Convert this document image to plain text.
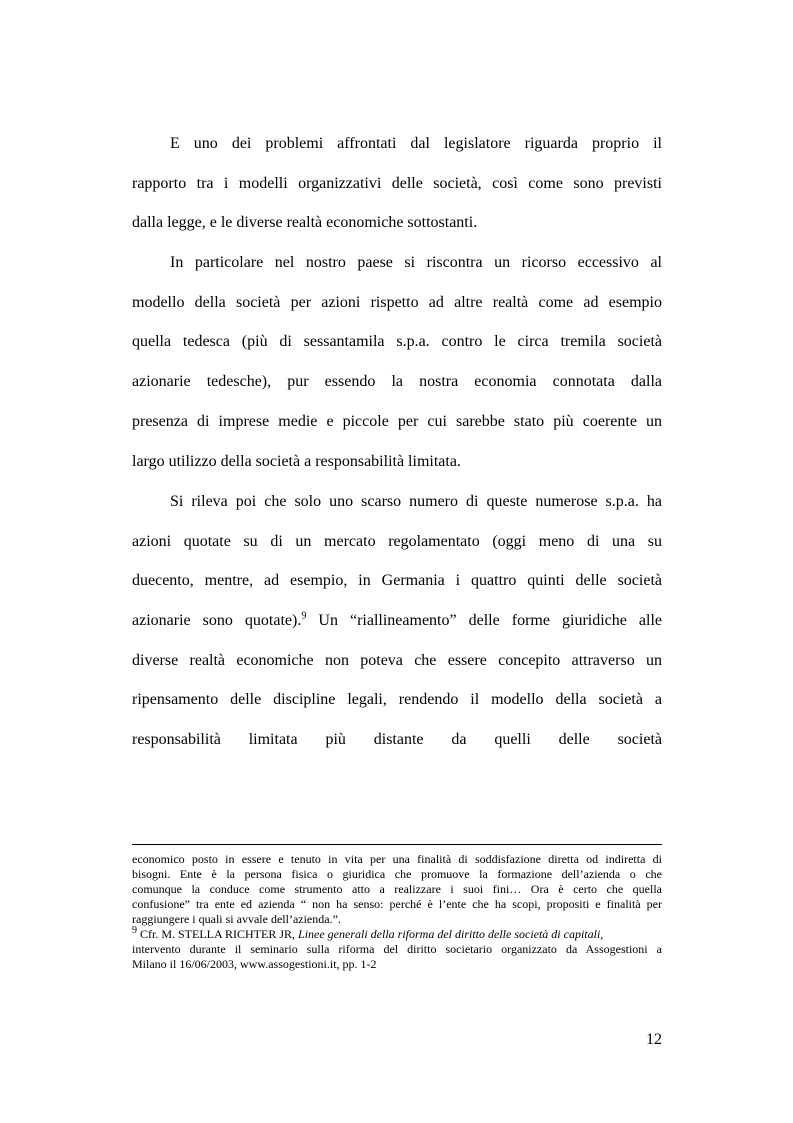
E uno dei problemi affrontati dal legislatore riguarda proprio il
rapporto tra i modelli organizzativi delle società, così come sono previsti
dalla legge, e le diverse realtà economiche sottostanti.
In particolare nel nostro paese si riscontra un ricorso eccessivo al
modello della società per azioni rispetto ad altre realtà come ad esempio
quella tedesca (più di sessantamila s.p.a. contro le circa tremila società
azionarie tedesche), pur essendo la nostra economia connotata dalla
presenza di imprese medie e piccole per cui sarebbe stato più coerente un
largo utilizzo della società a responsabilità limitata.
Si rileva poi che solo uno scarso numero di queste numerose s.p.a. ha
azioni quotate su di un mercato regolamentato (oggi meno di una su
duecento, mentre, ad esempio, in Germania i quattro quinti delle società
azionarie sono quotate).$^9$ Un “riallineamento” delle forme giuridiche alle
diverse realtà economiche non poteva che essere concepito attraverso un
ripensamento delle discipline legali, rendendo il modello della società a
responsabilità limitata più distante da quelli delle società
economico posto in essere e tenuto in vita per una finalità di soddisfazione diretta od indiretta di
bisogni. Ente è la persona fisica o giuridica che promuove la formazione dell’azienda o che
comunque la conduce come strumento atto a realizzare i suoi fini… Ora è certo che quella
confusione” tra ente ed azienda “ non ha senso: perché è l’ente che ha scopi, propositi e finalità per
raggiungere i quali si avvale dell’azienda.”.
$^9$ Cfr. M. STELLA RICHTER JR, Linee generali della riforma del diritto delle società di capitali,
intervento durante il seminario sulla riforma del diritto societario organizzato da Assogestioni a
Milano il 16/06/2003, www.assogestioni.it, pp. 1-2
12
